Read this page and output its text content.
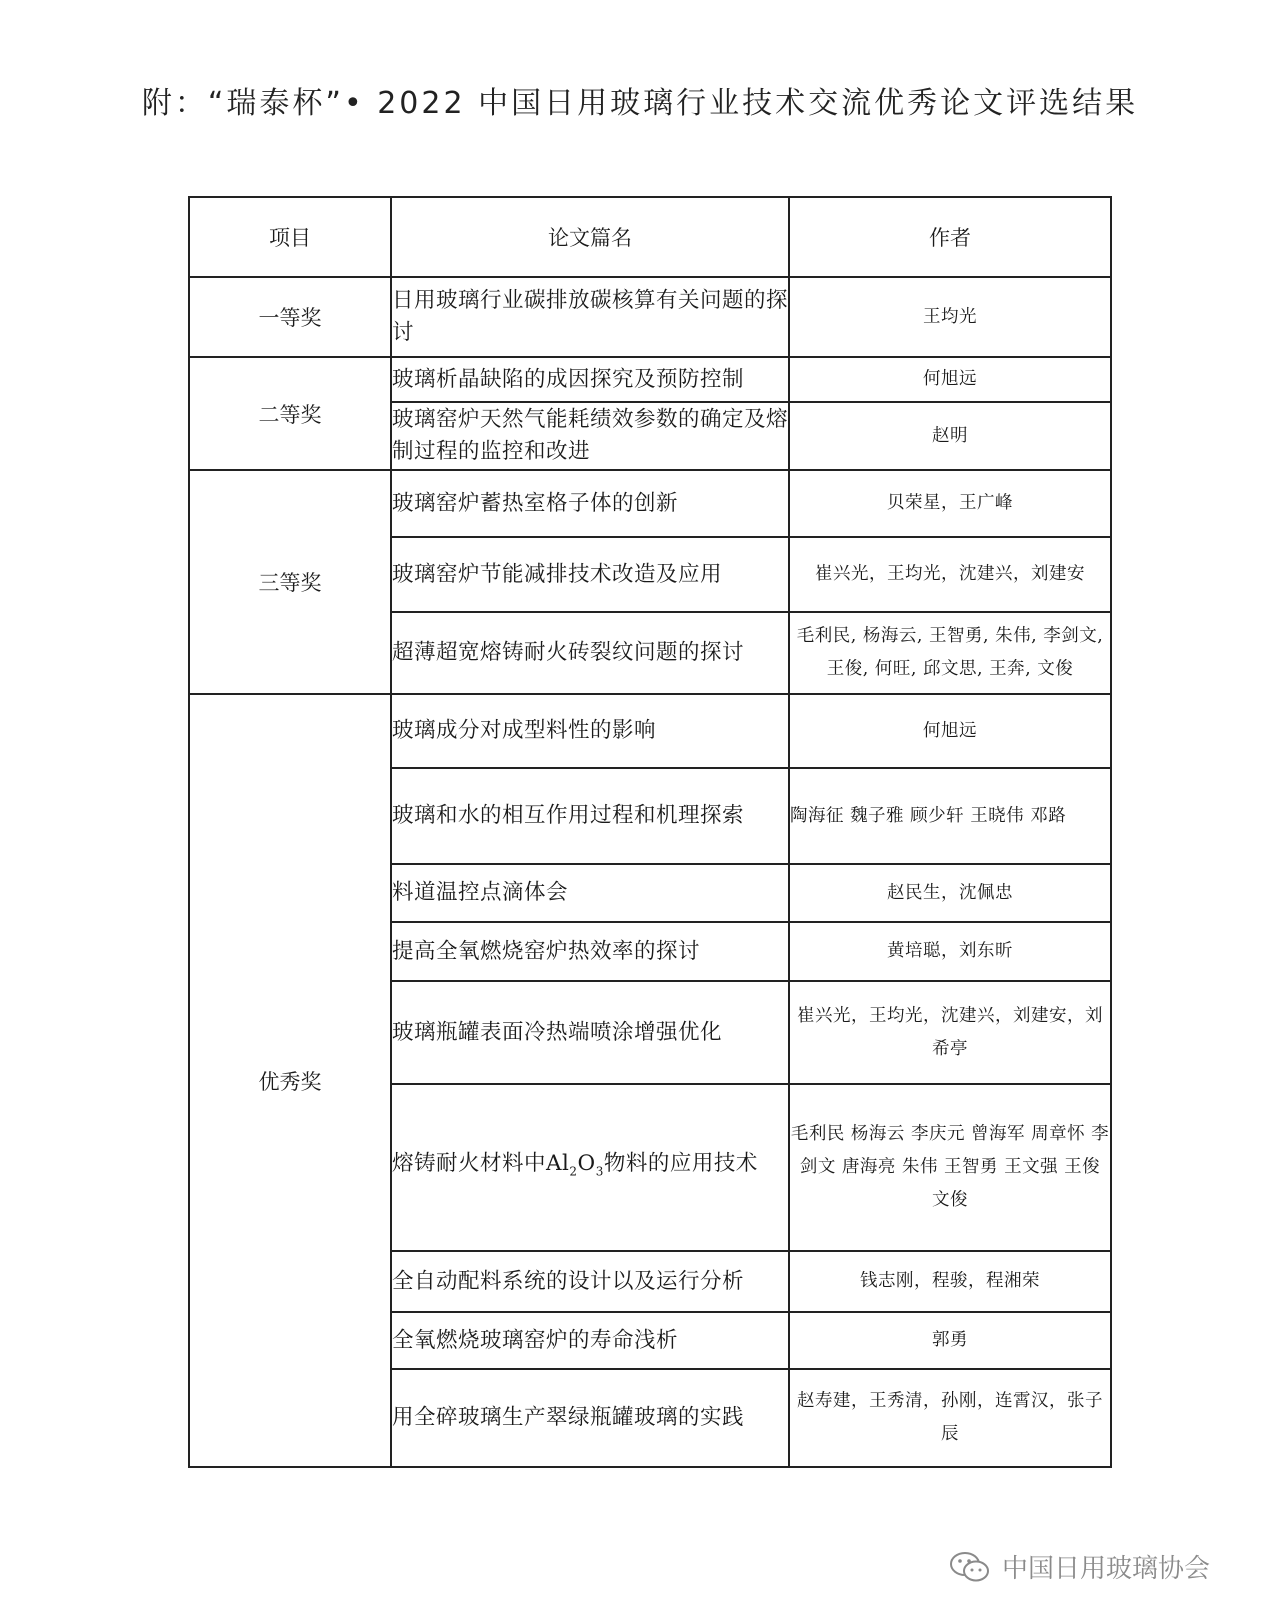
附：“瑞泰杯”• 2022 中国日用玻璃行业技术交流优秀论文评选结果
项目	论文篇名	作者
一等奖	日用玻璃行业碳排放碳核算有关问题的探讨	王均光
二等奖	玻璃析晶缺陷的成因探究及预防控制	何旭远
	玻璃窑炉天然气能耗绩效参数的确定及熔制过程的监控和改进	赵明
三等奖	玻璃窑炉蓄热室格子体的创新	贝荣星，王广峰
	玻璃窑炉节能减排技术改造及应用	崔兴光，王均光，沈建兴，刘建安
	超薄超宽熔铸耐火砖裂纹问题的探讨	毛利民, 杨海云, 王智勇, 朱伟, 李剑文, 王俊, 何旺, 邱文思, 王奔, 文俊
优秀奖	玻璃成分对成型料性的影响	何旭远
	玻璃和水的相互作用过程和机理探索	陶海征 魏子雅 顾少轩 王晓伟 邓路
	料道温控点滴体会	赵民生，沈佩忠
	提高全氧燃烧窑炉热效率的探讨	黄培聪，刘东昕
	玻璃瓶罐表面冷热端喷涂增强优化	崔兴光，王均光，沈建兴，刘建安，刘希亭
	熔铸耐火材料中$Al_2O_3$物料的应用技术	毛利民 杨海云 李庆元 曾海军 周章怀 李剑文 唐海亮 朱伟 王智勇 王文强 王俊 文俊
	全自动配料系统的设计以及运行分析	钱志刚，程骏，程湘荣
	全氧燃烧玻璃窑炉的寿命浅析	郭勇
	用全碎玻璃生产翠绿瓶罐玻璃的实践	赵寿建，王秀清，孙刚，连霄汉，张子辰
中国日用玻璃协会
